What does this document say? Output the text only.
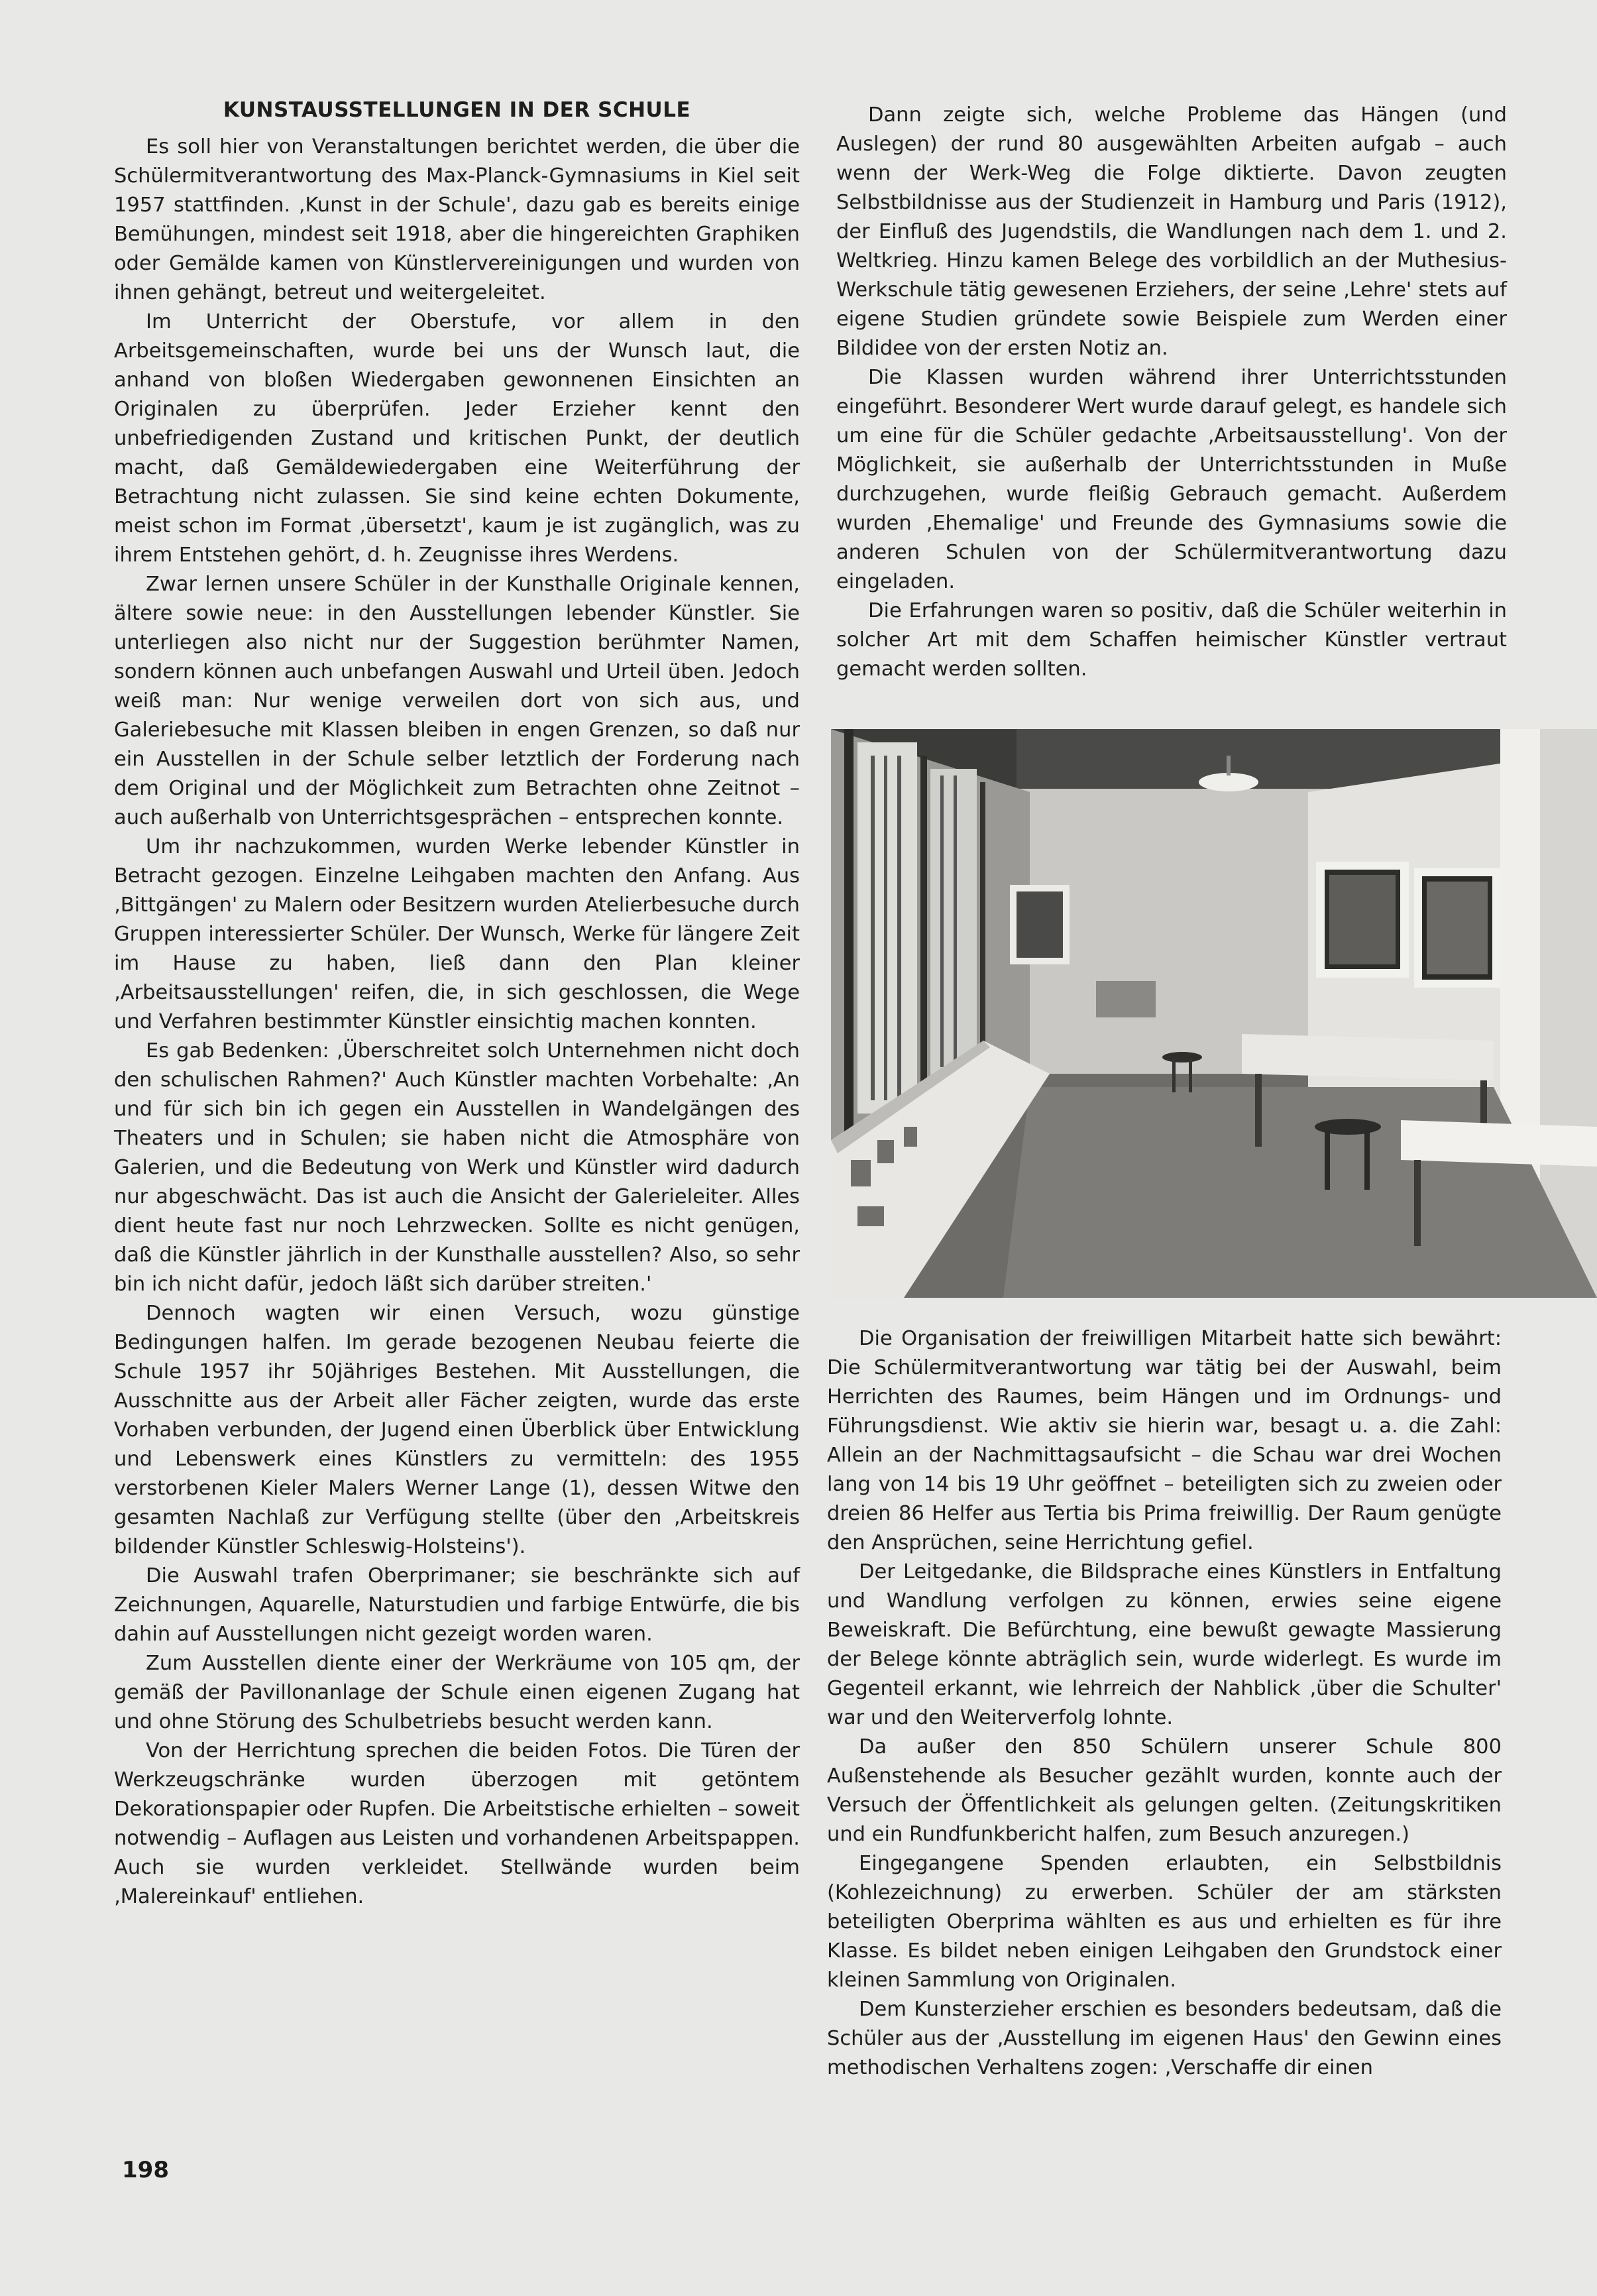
KUNSTAUSSTELLUNGEN IN DER SCHULE

Es soll hier von Veranstaltungen berichtet werden, die über die Schülermitverantwortung des Max-Planck-Gymnasiums in Kiel seit 1957 stattfinden. ‚Kunst in der Schule', dazu gab es bereits einige Bemühungen, mindest seit 1918, aber die hingereichten Graphiken oder Gemälde kamen von Künstlervereinigungen und wurden von ihnen gehängt, betreut und weitergeleitet.

Im Unterricht der Oberstufe, vor allem in den Arbeitsgemeinschaften, wurde bei uns der Wunsch laut, die anhand von bloßen Wiedergaben gewonnenen Einsichten an Originalen zu überprüfen. Jeder Erzieher kennt den unbefriedigenden Zustand und kritischen Punkt, der deutlich macht, daß Gemäldewiedergaben eine Weiterführung der Betrachtung nicht zulassen. Sie sind keine echten Dokumente, meist schon im Format ‚übersetzt', kaum je ist zugänglich, was zu ihrem Entstehen gehört, d. h. Zeugnisse ihres Werdens.

Zwar lernen unsere Schüler in der Kunsthalle Originale kennen, ältere sowie neue: in den Ausstellungen lebender Künstler. Sie unterliegen also nicht nur der Suggestion berühmter Namen, sondern können auch unbefangen Auswahl und Urteil üben. Jedoch weiß man: Nur wenige verweilen dort von sich aus, und Galeriebesuche mit Klassen bleiben in engen Grenzen, so daß nur ein Ausstellen in der Schule selber letztlich der Forderung nach dem Original und der Möglichkeit zum Betrachten ohne Zeitnot – auch außerhalb von Unterrichtsgesprächen – entsprechen konnte.

Um ihr nachzukommen, wurden Werke lebender Künstler in Betracht gezogen. Einzelne Leihgaben machten den Anfang. Aus ‚Bittgängen' zu Malern oder Besitzern wurden Atelierbesuche durch Gruppen interessierter Schüler. Der Wunsch, Werke für längere Zeit im Hause zu haben, ließ dann den Plan kleiner ‚Arbeitsausstellungen' reifen, die, in sich geschlossen, die Wege und Verfahren bestimmter Künstler einsichtig machen konnten.

Es gab Bedenken: ‚Überschreitet solch Unternehmen nicht doch den schulischen Rahmen?' Auch Künstler machten Vorbehalte: ‚An und für sich bin ich gegen ein Ausstellen in Wandelgängen des Theaters und in Schulen; sie haben nicht die Atmosphäre von Galerien, und die Bedeutung von Werk und Künstler wird dadurch nur abgeschwächt. Das ist auch die Ansicht der Galerieleiter. Alles dient heute fast nur noch Lehrzwecken. Sollte es nicht genügen, daß die Künstler jährlich in der Kunsthalle ausstellen? Also, so sehr bin ich nicht dafür, jedoch läßt sich darüber streiten.'

Dennoch wagten wir einen Versuch, wozu günstige Bedingungen halfen. Im gerade bezogenen Neubau feierte die Schule 1957 ihr 50jähriges Bestehen. Mit Ausstellungen, die Ausschnitte aus der Arbeit aller Fächer zeigten, wurde das erste Vorhaben verbunden, der Jugend einen Überblick über Entwicklung und Lebenswerk eines Künstlers zu vermitteln: des 1955 verstorbenen Kieler Malers Werner Lange (1), dessen Witwe den gesamten Nachlaß zur Verfügung stellte (über den ‚Arbeitskreis bildender Künstler Schleswig-Holsteins').

Die Auswahl trafen Oberprimaner; sie beschränkte sich auf Zeichnungen, Aquarelle, Naturstudien und farbige Entwürfe, die bis dahin auf Ausstellungen nicht gezeigt worden waren.

Zum Ausstellen diente einer der Werkräume von 105 qm, der gemäß der Pavillonanlage der Schule einen eigenen Zugang hat und ohne Störung des Schulbetriebs besucht werden kann.

Von der Herrichtung sprechen die beiden Fotos. Die Türen der Werkzeugschränke wurden überzogen mit getöntem Dekorationspapier oder Rupfen. Die Arbeitstische erhielten – soweit notwendig – Auflagen aus Leisten und vorhandenen Arbeitspappen. Auch sie wurden verkleidet. Stellwände wurden beim ‚Malereinkauf' entliehen.

Dann zeigte sich, welche Probleme das Hängen (und Auslegen) der rund 80 ausgewählten Arbeiten aufgab – auch wenn der Werk-Weg die Folge diktierte. Davon zeugten Selbstbildnisse aus der Studienzeit in Hamburg und Paris (1912), der Einfluß des Jugendstils, die Wandlungen nach dem 1. und 2. Weltkrieg. Hinzu kamen Belege des vorbildlich an der Muthesius-Werkschule tätig gewesenen Erziehers, der seine ‚Lehre' stets auf eigene Studien gründete sowie Beispiele zum Werden einer Bildidee von der ersten Notiz an.

Die Klassen wurden während ihrer Unterrichtsstunden eingeführt. Besonderer Wert wurde darauf gelegt, es handele sich um eine für die Schüler gedachte ‚Arbeitsausstellung'. Von der Möglichkeit, sie außerhalb der Unterrichtsstunden in Muße durchzugehen, wurde fleißig Gebrauch gemacht. Außerdem wurden ‚Ehemalige' und Freunde des Gymnasiums sowie die anderen Schulen von der Schülermitverantwortung dazu eingeladen.

Die Erfahrungen waren so positiv, daß die Schüler weiterhin in solcher Art mit dem Schaffen heimischer Künstler vertraut gemacht werden sollten.

Die Organisation der freiwilligen Mitarbeit hatte sich bewährt: Die Schülermitverantwortung war tätig bei der Auswahl, beim Herrichten des Raumes, beim Hängen und im Ordnungs- und Führungsdienst. Wie aktiv sie hierin war, besagt u. a. die Zahl: Allein an der Nachmittagsaufsicht – die Schau war drei Wochen lang von 14 bis 19 Uhr geöffnet – beteiligten sich zu zweien oder dreien 86 Helfer aus Tertia bis Prima freiwillig. Der Raum genügte den Ansprüchen, seine Herrichtung gefiel.

Der Leitgedanke, die Bildsprache eines Künstlers in Entfaltung und Wandlung verfolgen zu können, erwies seine eigene Beweiskraft. Die Befürchtung, eine bewußt gewagte Massierung der Belege könnte abträglich sein, wurde widerlegt. Es wurde im Gegenteil erkannt, wie lehrreich der Nahblick ‚über die Schulter' war und den Weiterverfolg lohnte.

Da außer den 850 Schülern unserer Schule 800 Außenstehende als Besucher gezählt wurden, konnte auch der Versuch der Öffentlichkeit als gelungen gelten. (Zeitungskritiken und ein Rundfunkbericht halfen, zum Besuch anzuregen.)

Eingegangene Spenden erlaubten, ein Selbstbildnis (Kohlezeichnung) zu erwerben. Schüler der am stärksten beteiligten Oberprima wählten es aus und erhielten es für ihre Klasse. Es bildet neben einigen Leihgaben den Grundstock einer kleinen Sammlung von Originalen.

Dem Kunsterzieher erschien es besonders bedeutsam, daß die Schüler aus der ‚Ausstellung im eigenen Haus' den Gewinn eines methodischen Verhaltens zogen: ‚Verschaffe dir einen

198
